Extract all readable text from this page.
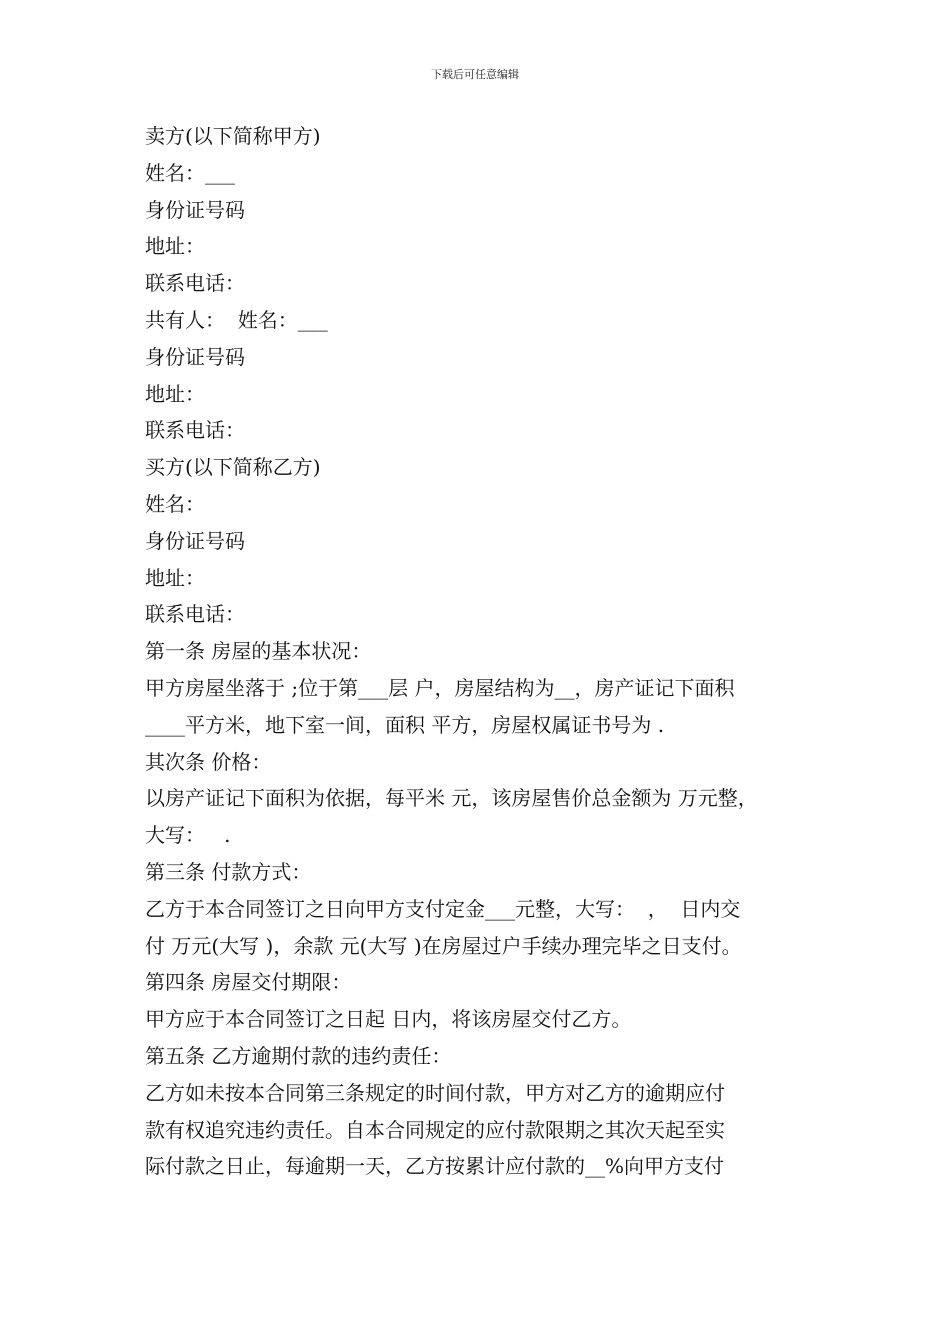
下载后可任意编辑
卖方(以下简称甲方)
姓名：___
身份证号码
地址：
联系电话：
共有人：  姓名：___
身份证号码
地址：
联系电话：
买方(以下简称乙方)
姓名：
身份证号码
地址：
联系电话：
第一条 房屋的基本状况：
甲方房屋坐落于 ;位于第___层 户，房屋结构为__，房产证记下面积
____平方米，地下室一间，面积 平方，房屋权属证书号为 .
其次条 价格：
以房产证记下面积为依据，每平米 元，该房屋售价总金额为 万元整，
大写：   .
第三条 付款方式：
乙方于本合同签订之日向甲方支付定金___元整，大写：  ，  日内交
付 万元(大写 )，余款 元(大写 )在房屋过户手续办理完毕之日支付。
第四条 房屋交付期限：
甲方应于本合同签订之日起 日内，将该房屋交付乙方。
第五条 乙方逾期付款的违约责任：
乙方如未按本合同第三条规定的时间付款，甲方对乙方的逾期应付
款有权追究违约责任。自本合同规定的应付款限期之其次天起至实
际付款之日止，每逾期一天，乙方按累计应付款的__%向甲方支付
